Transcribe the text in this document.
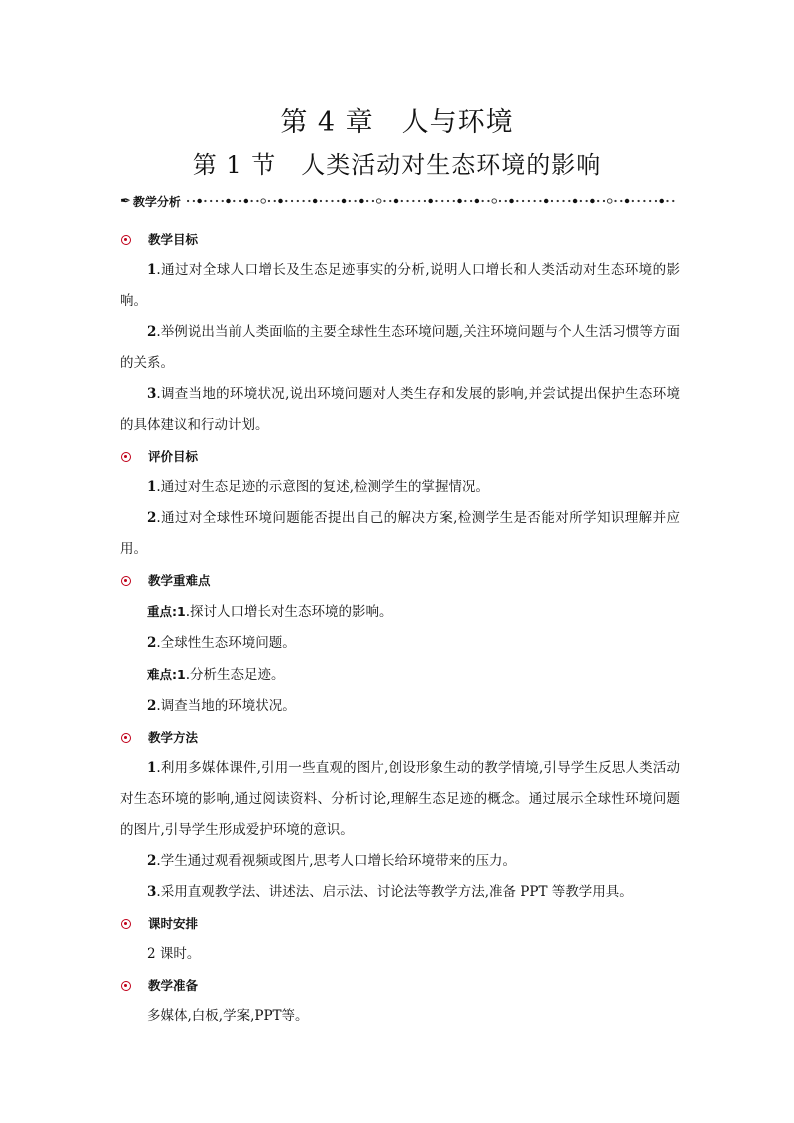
第 4 章　人与环境
第 1 节　人类活动对生态环境的影响
✒ 教学分析
教学目标

1.通过对全球人口增长及生态足迹事实的分析,说明人口增长和人类活动对生态环境的影响。

2.举例说出当前人类面临的主要全球性生态环境问题,关注环境问题与个人生活习惯等方面的关系。

3.调查当地的环境状况,说出环境问题对人类生存和发展的影响,并尝试提出保护生态环境的具体建议和行动计划。

评价目标

1.通过对生态足迹的示意图的复述,检测学生的掌握情况。

2.通过对全球性环境问题能否提出自己的解决方案,检测学生是否能对所学知识理解并应用。

教学重难点

重点:1.探讨人口增长对生态环境的影响。

2.全球性生态环境问题。

难点:1.分析生态足迹。

2.调查当地的环境状况。

教学方法

1.利用多媒体课件,引用一些直观的图片,创设形象生动的教学情境,引导学生反思人类活动对生态环境的影响,通过阅读资料、分析讨论,理解生态足迹的概念。通过展示全球性环境问题的图片,引导学生形成爱护环境的意识。

2.学生通过观看视频或图片,思考人口增长给环境带来的压力。

3.采用直观教学法、讲述法、启示法、讨论法等教学方法,准备 PPT 等教学用具。

课时安排

2 课时。

教学准备

多媒体,白板,学案,PPT等。
